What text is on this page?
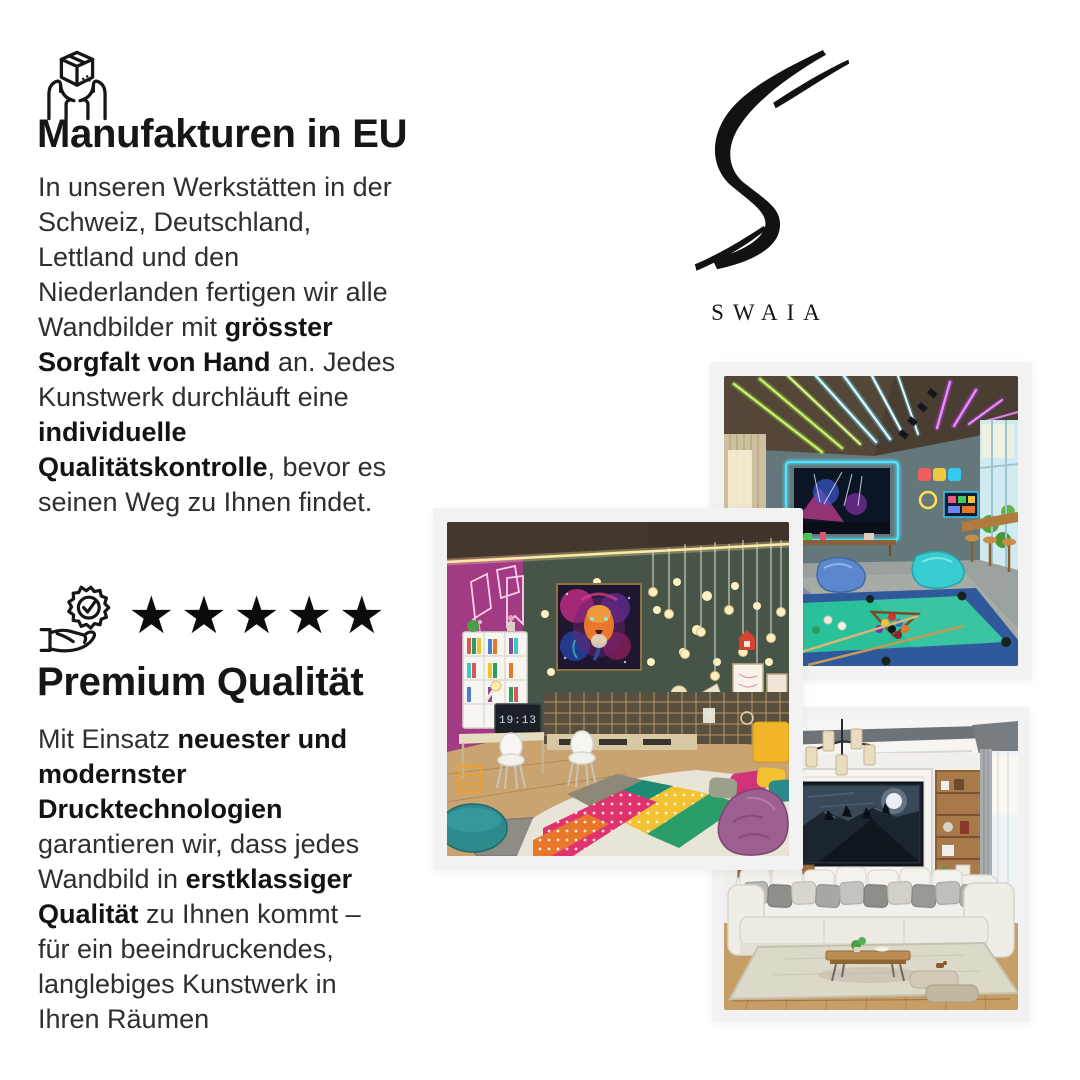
Manufakturen in EU
In unseren Werkstätten in der
Schweiz, Deutschland,
Lettland und den
Niederlanden fertigen wir alle
Wandbilder mit grösster
Sorgfalt von Hand an. Jedes
Kunstwerk durchläuft eine
individuelle
Qualitätskontrolle, bevor es
seinen Weg zu Ihnen findet.
★★★★★
Premium Qualität
Mit Einsatz neuester und
modernster
Drucktechnologien
garantieren wir, dass jedes
Wandbild in erstklassiger
Qualität zu Ihnen kommt –
für ein beeindruckendes,
langlebiges Kunstwerk in
Ihren Räumen
SWAIA
19:13
